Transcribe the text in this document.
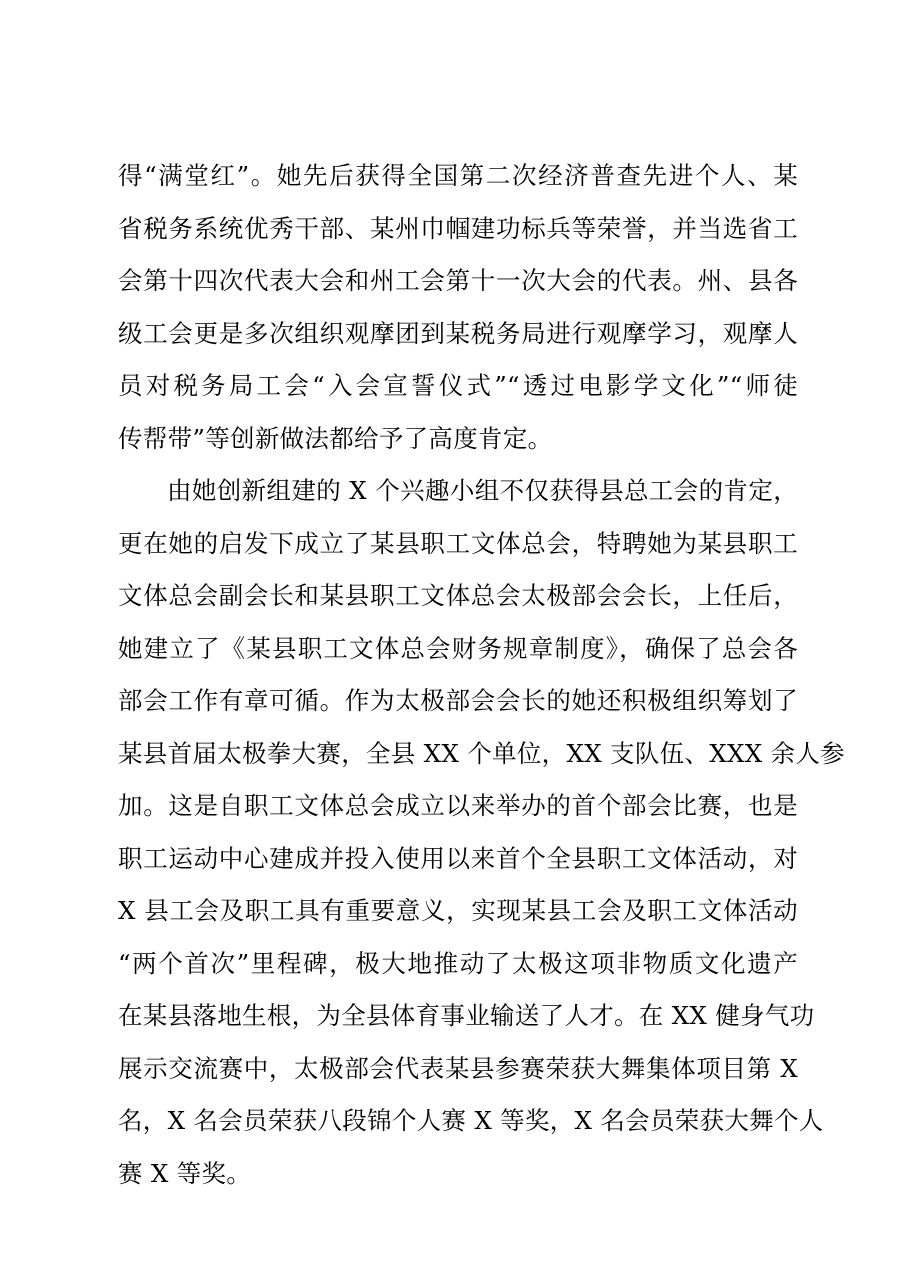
得“满堂红”。她先后获得全国第二次经济普查先进个人、某
省税务系统优秀干部、某州巾帼建功标兵等荣誉，并当选省工
会第十四次代表大会和州工会第十一次大会的代表。州、县各
级工会更是多次组织观摩团到某税务局进行观摩学习，观摩人
员对税务局工会“入会宣誓仪式”“透过电影学文化”“师徒
传帮带”等创新做法都给予了高度肯定。
由她创新组建的 X 个兴趣小组不仅获得县总工会的肯定，
更在她的启发下成立了某县职工文体总会，特聘她为某县职工
文体总会副会长和某县职工文体总会太极部会会长，上任后，
她建立了《某县职工文体总会财务规章制度》，确保了总会各
部会工作有章可循。作为太极部会会长的她还积极组织筹划了
某县首届太极拳大赛，全县 XX 个单位，XX 支队伍、XXX 余人参
加。这是自职工文体总会成立以来举办的首个部会比赛，也是
职工运动中心建成并投入使用以来首个全县职工文体活动，对
X 县工会及职工具有重要意义，实现某县工会及职工文体活动
“两个首次”里程碑，极大地推动了太极这项非物质文化遗产
在某县落地生根，为全县体育事业输送了人才。在 XX 健身气功
展示交流赛中，太极部会代表某县参赛荣获大舞集体项目第 X
名，X 名会员荣获八段锦个人赛 X 等奖，X 名会员荣获大舞个人
赛 X 等奖。
